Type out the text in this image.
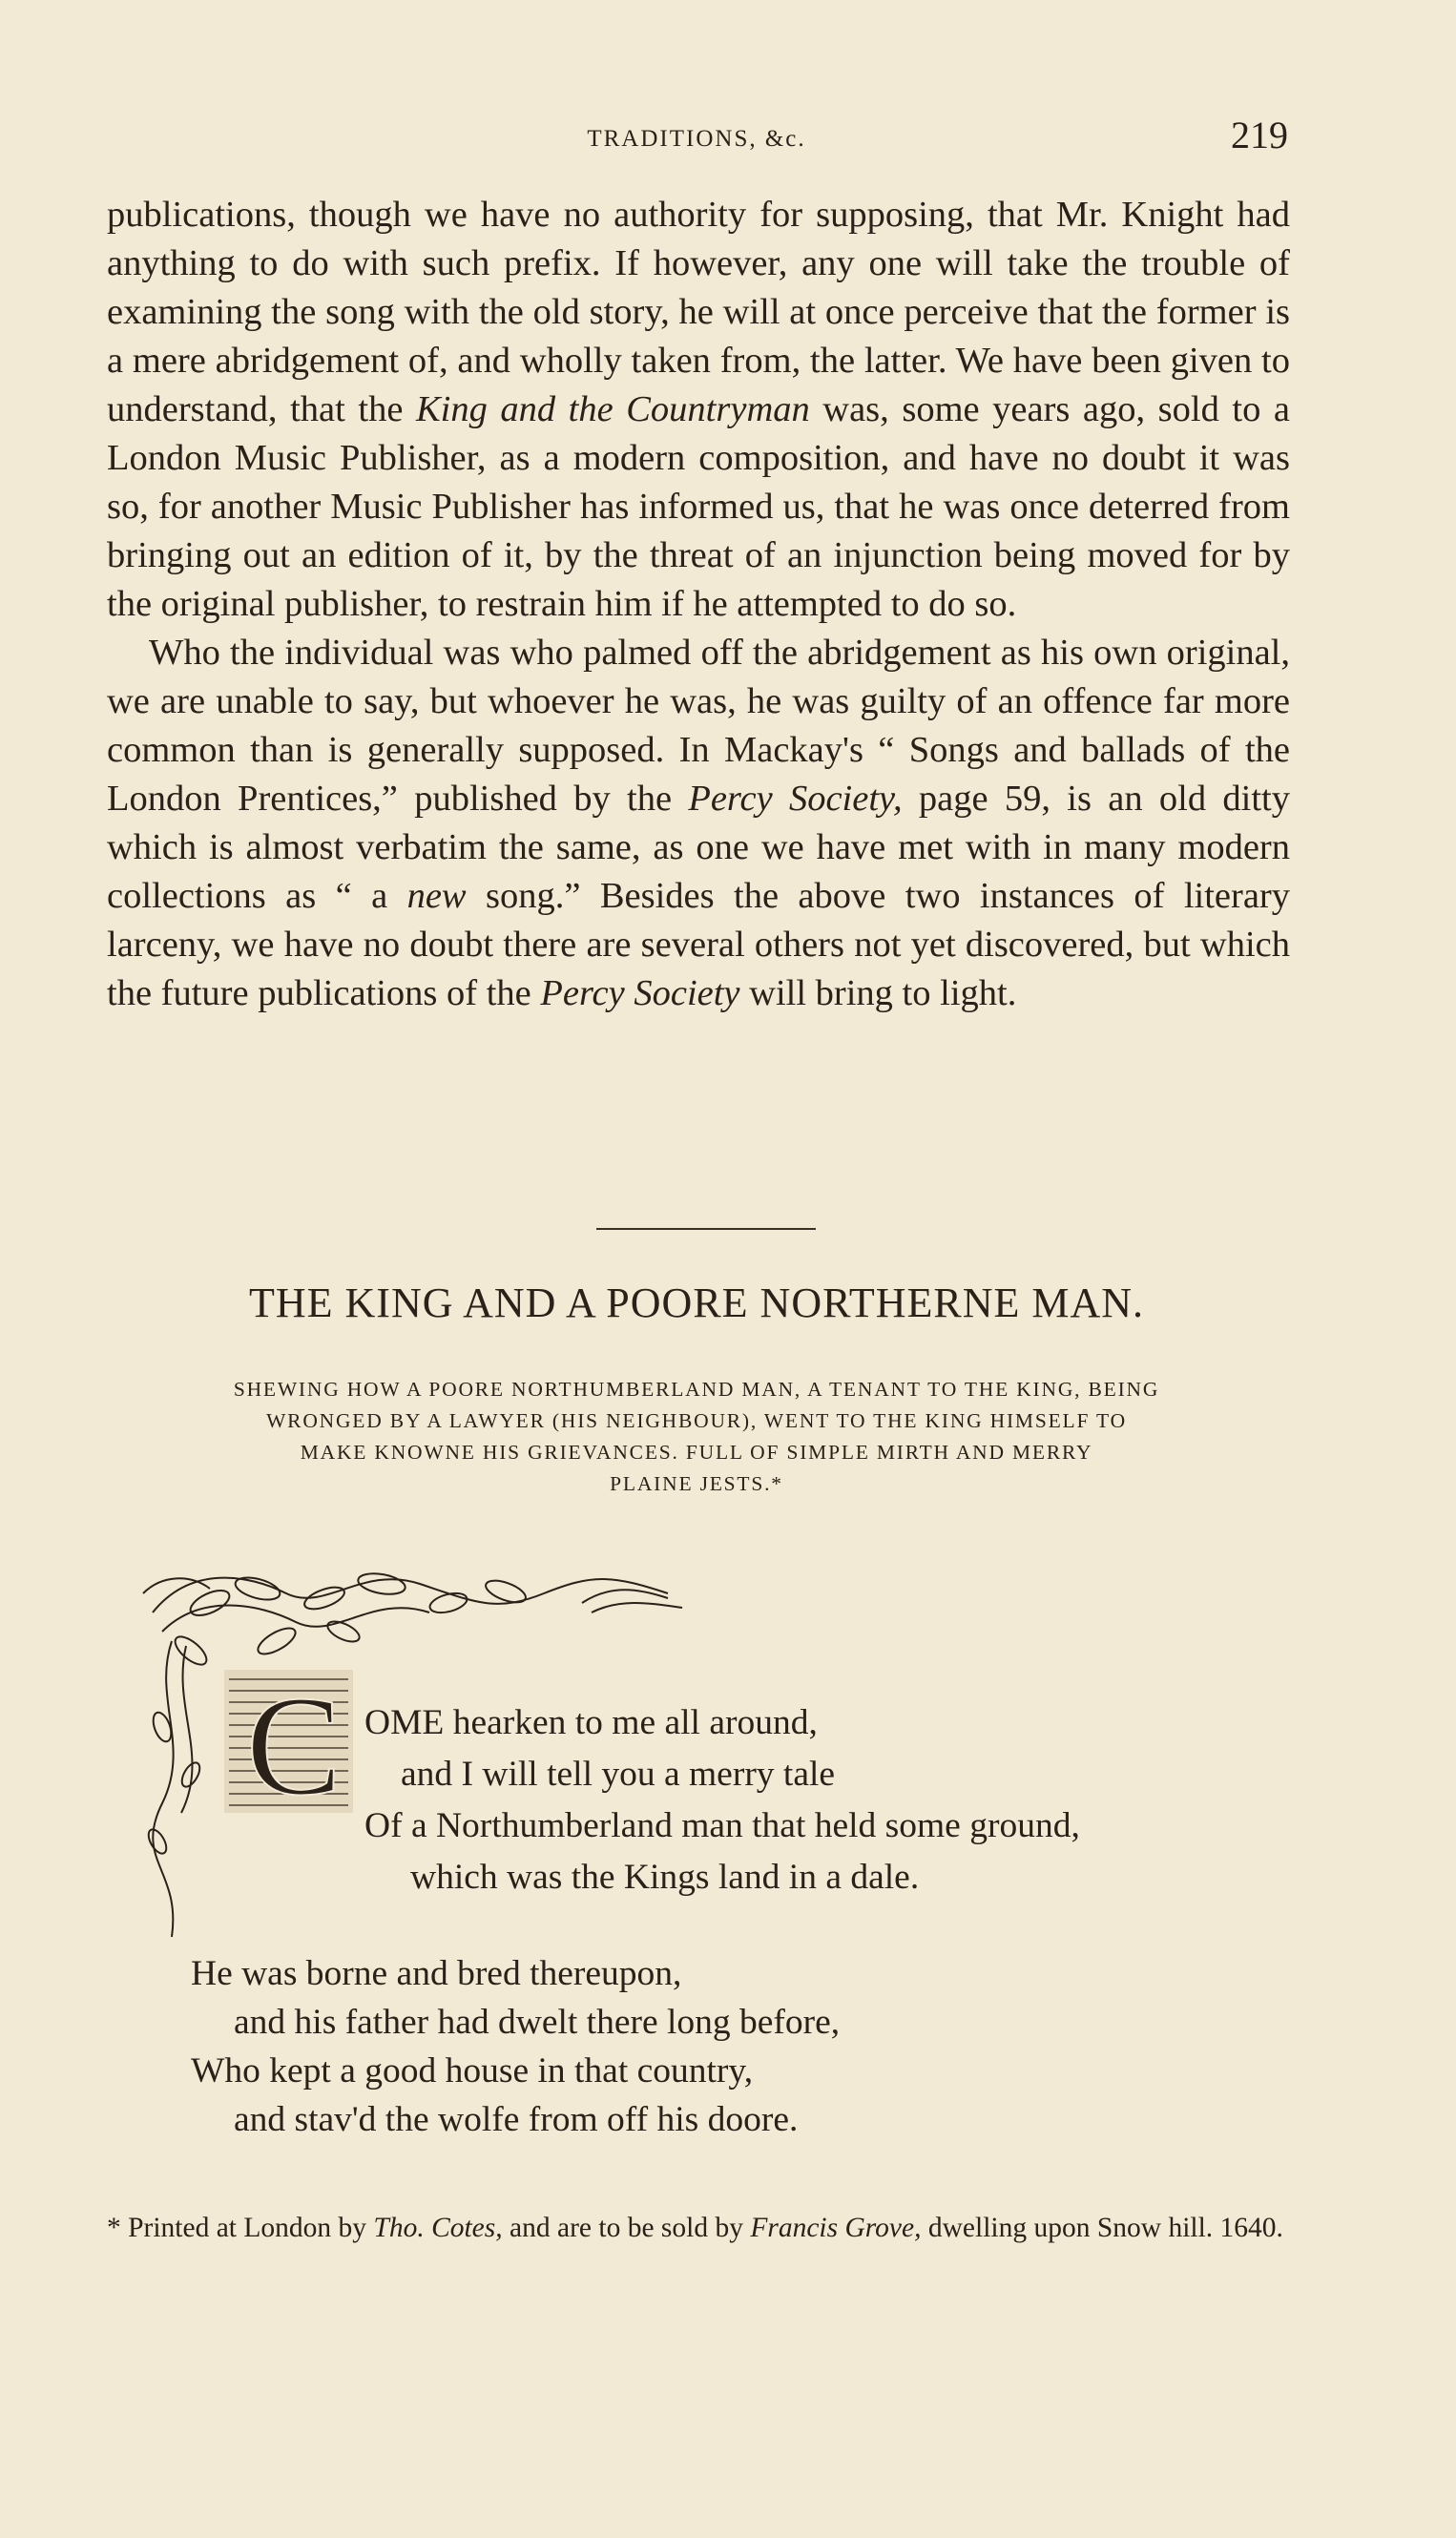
TRADITIONS, &c.	219

publications, though we have no authority for supposing, that Mr. Knight had anything to do with such prefix. If however, any one will take the trouble of examining the song with the old story, he will at once perceive that the former is a mere abridgement of, and wholly taken from, the latter. We have been given to understand, that the King and the Countryman was, some years ago, sold to a London Music Publisher, as a modern composition, and have no doubt it was so, for another Music Publisher has informed us, that he was once deterred from bringing out an edition of it, by the threat of an injunction being moved for by the original publisher, to restrain him if he attempted to do so.

Who the individual was who palmed off the abridgement as his own original, we are unable to say, but whoever he was, he was guilty of an offence far more common than is generally supposed. In Mackay's “ Songs and ballads of the London Prentices,” published by the Percy Society, page 59, is an old ditty which is almost verbatim the same, as one we have met with in many modern collections as “ a new song.” Besides the above two instances of literary larceny, we have no doubt there are several others not yet discovered, but which the future publications of the Percy Society will bring to light.

THE KING AND A POORE NORTHERNE MAN.
SHEWING HOW A POORE NORTHUMBERLAND MAN, A TENANT TO THE KING, BEING
WRONGED BY A LAWYER (HIS NEIGHBOUR), WENT TO THE KING HIMSELF TO
MAKE KNOWNE HIS GRIEVANCES. FULL OF SIMPLE MIRTH AND MERRY
PLAINE JESTS.*
C OME hearken to me all around,
and I will tell you a merry tale
Of a Northumberland man that held some ground,
which was the Kings land in a dale.
He was borne and bred thereupon,
and his father had dwelt there long before,
Who kept a good house in that country,
and stav'd the wolfe from off his doore.
* Printed at London by Tho. Cotes, and are to be sold by Francis Grove, dwelling upon Snow hill. 1640.
